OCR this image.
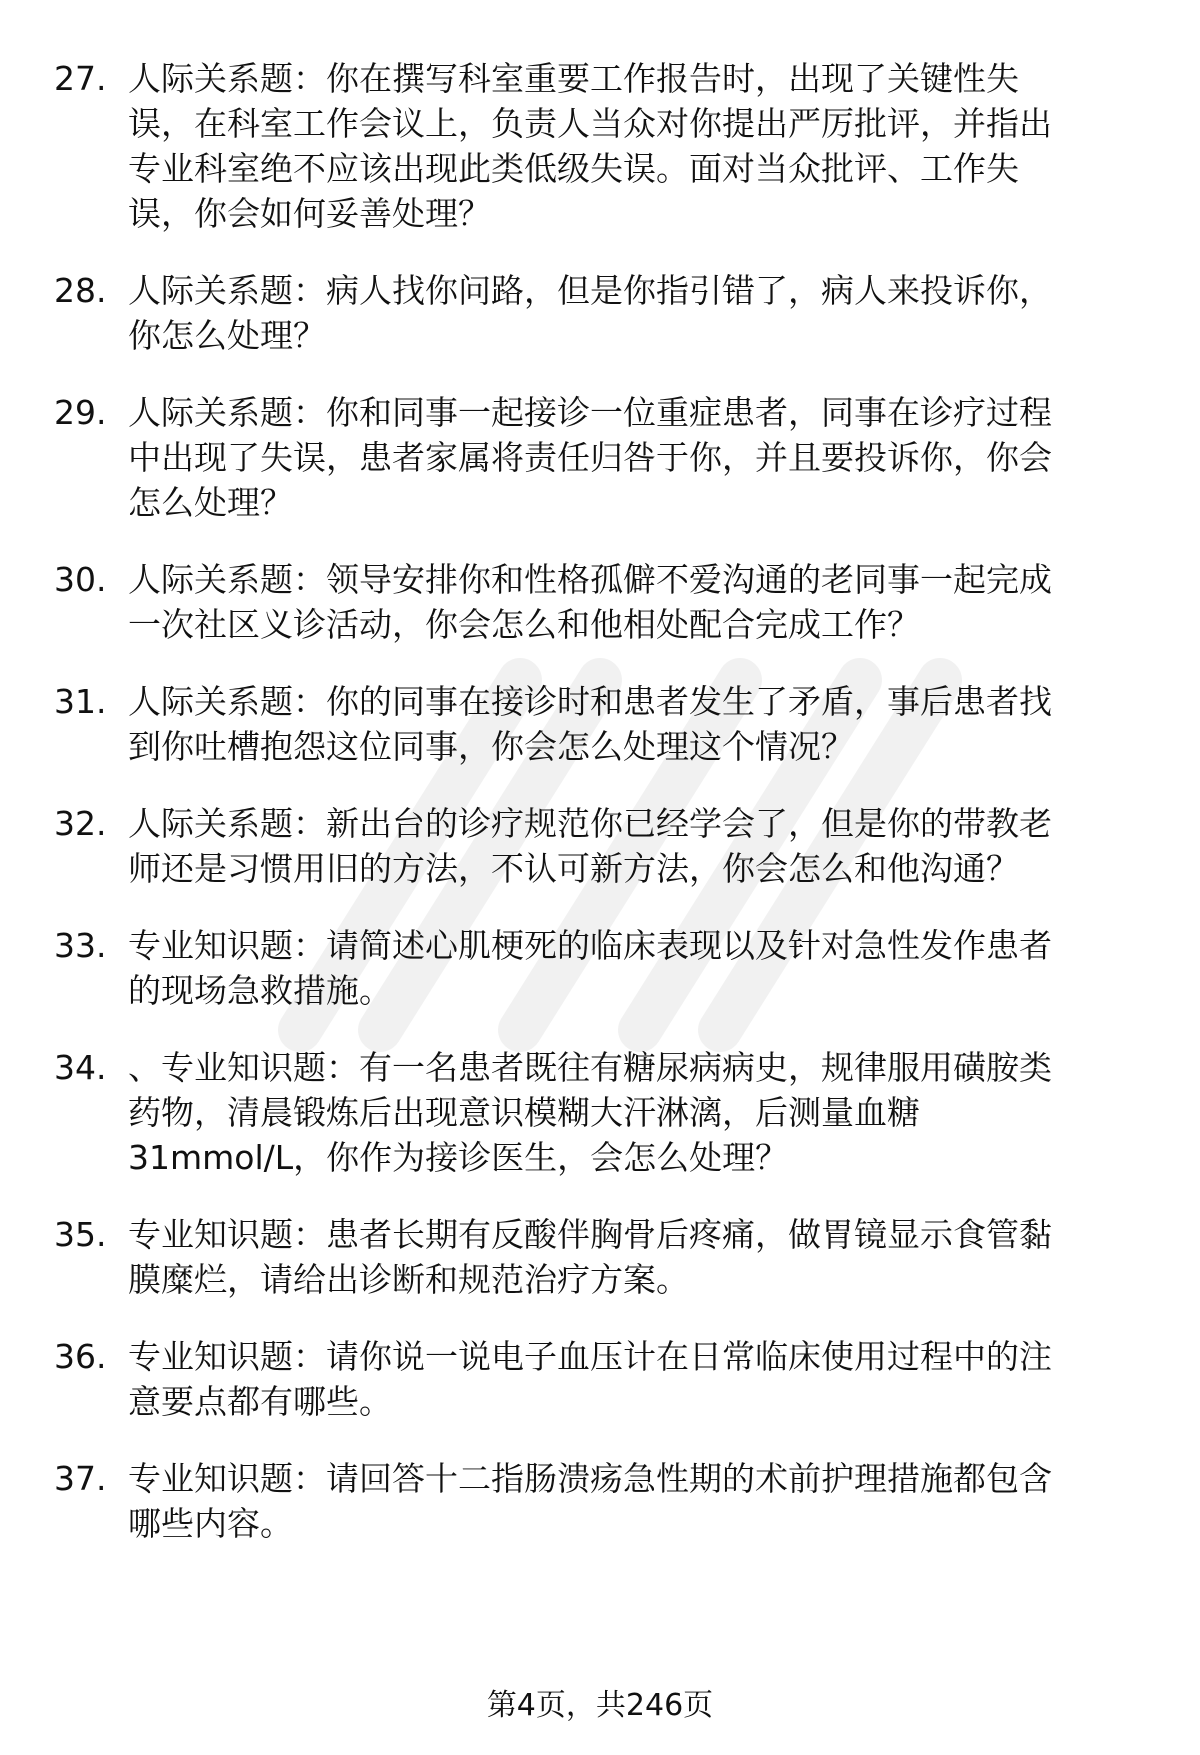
27. 人际关系题：你在撰写科室重要工作报告时，出现了关键性失
误，在科室工作会议上，负责人当众对你提出严厉批评，并指出
专业科室绝不应该出现此类低级失误。面对当众批评、工作失
误，你会如何妥善处理？
28. 人际关系题：病人找你问路，但是你指引错了，病人来投诉你，
你怎么处理？
29. 人际关系题：你和同事一起接诊一位重症患者，同事在诊疗过程
中出现了失误，患者家属将责任归咎于你，并且要投诉你，你会
怎么处理？
30. 人际关系题：领导安排你和性格孤僻不爱沟通的老同事一起完成
一次社区义诊活动，你会怎么和他相处配合完成工作？
31. 人际关系题：你的同事在接诊时和患者发生了矛盾，事后患者找
到你吐槽抱怨这位同事，你会怎么处理这个情况？
32. 人际关系题：新出台的诊疗规范你已经学会了，但是你的带教老
师还是习惯用旧的方法，不认可新方法，你会怎么和他沟通？
33. 专业知识题：请简述心肌梗死的临床表现以及针对急性发作患者
的现场急救措施。
34. 、专业知识题：有一名患者既往有糖尿病病史，规律服用磺胺类
药物，清晨锻炼后出现意识模糊大汗淋漓，后测量血糖
31mmol/L，你作为接诊医生，会怎么处理？
35. 专业知识题：患者长期有反酸伴胸骨后疼痛，做胃镜显示食管黏
膜糜烂，请给出诊断和规范治疗方案。
36. 专业知识题：请你说一说电子血压计在日常临床使用过程中的注
意要点都有哪些。
37. 专业知识题：请回答十二指肠溃疡急性期的术前护理措施都包含
哪些内容。
第4页，共246页
